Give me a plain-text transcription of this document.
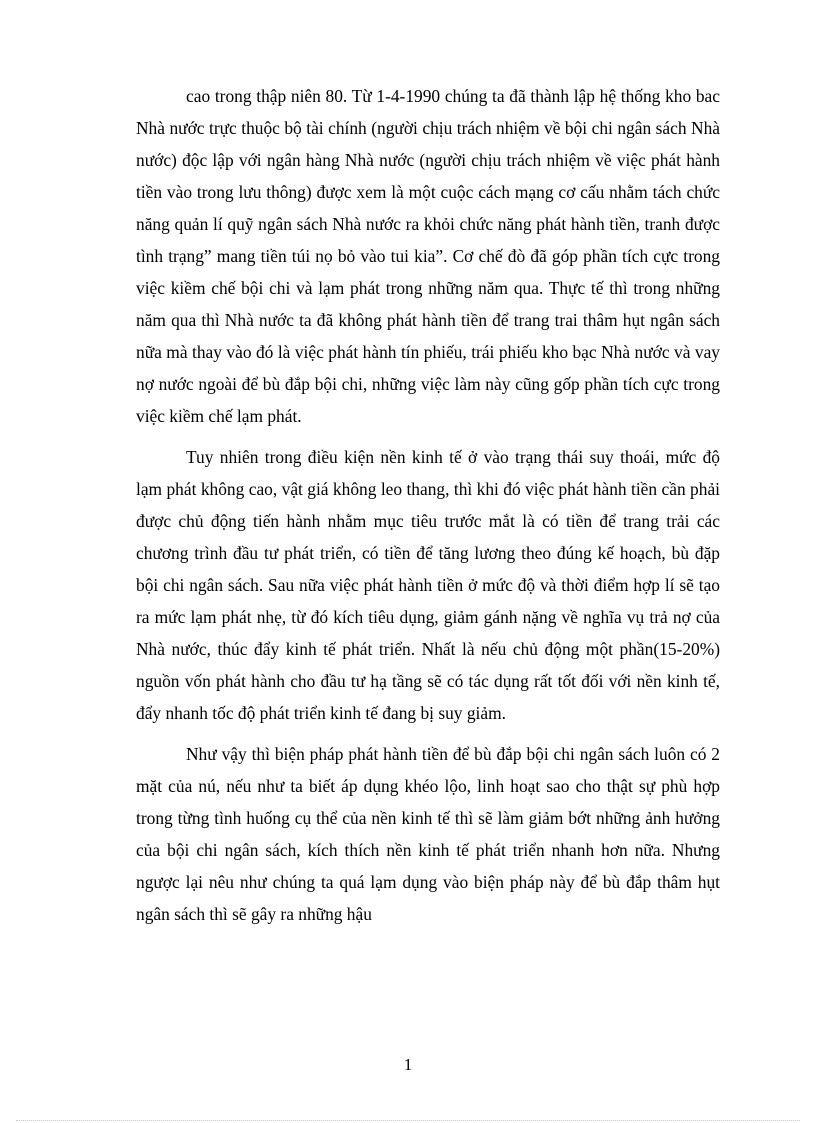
cao trong thập niên 80. Từ 1-4-1990 chúng ta đã thành lập hệ thống kho bac Nhà nước trực thuộc bộ tài chính (người chịu trách nhiệm về bội chi ngân sách Nhà nước) độc lập với ngân hàng Nhà nước (người chịu trách nhiệm về việc phát hành tiền vào trong lưu thông) được xem là một cuộc cách mạng cơ cấu nhằm tách chức năng quản lí quỹ ngân sách Nhà nước ra khỏi chức năng phát hành tiền, tranh được tình trạng” mang tiền túi nọ bỏ vào tui kia”. Cơ chế đò đã góp phần tích cực trong việc kiềm chế bội chi và lạm phát trong những năm qua. Thực tế thì trong những năm qua thì Nhà nước ta đã không phát hành tiền để trang trai thâm hụt ngân sách nữa mà thay vào đó là việc phát hành tín phiếu, trái phiếu kho bạc Nhà nước và vay nợ nước ngoài để bù đắp bội chi, những việc làm này cũng gốp phần tích cực trong việc kiềm chế lạm phát.

Tuy nhiên trong điều kiện nền kinh tế ở vào trạng thái suy thoái, mức độ lạm phát không cao, vật giá không leo thang, thì khi đó việc phát hành tiền cần phải được chủ động tiến hành nhằm mục tiêu trước mắt là có tiền để trang trải các chương trình đầu tư phát triển, có tiền để tăng lương theo đúng kế hoạch, bù đặp bội chi ngân sách. Sau nữa việc phát hành tiền ở mức độ và thời điểm hợp lí sẽ tạo ra mức lạm phát nhẹ, từ đó kích tiêu dụng, giảm gánh nặng về nghĩa vụ trả nợ của Nhà nước, thúc đẩy kinh tế phát triển. Nhất là nếu chủ động một phần(15-20%) nguồn vốn phát hành cho đầu tư hạ tầng sẽ có tác dụng rất tốt đối với nền kinh tế, đẩy nhanh tốc độ phát triển kinh tế đang bị suy giảm.

Như vậy thì biện pháp phát hành tiền để bù đắp bội chi ngân sách luôn có 2 mặt của nú, nếu như ta biết áp dụng khéo lộo, linh hoạt sao cho thật sự phù hợp trong từng tình huống cụ thể của nền kinh tế thì sẽ làm giảm bớt những ảnh hưởng của bội chi ngân sách, kích thích nền kinh tế phát triển nhanh hơn nữa. Nhưng ngược lại nêu như chúng ta quá lạm dụng vào biện pháp này để bù đắp thâm hụt ngân sách thì sẽ gây ra những hậu

1
